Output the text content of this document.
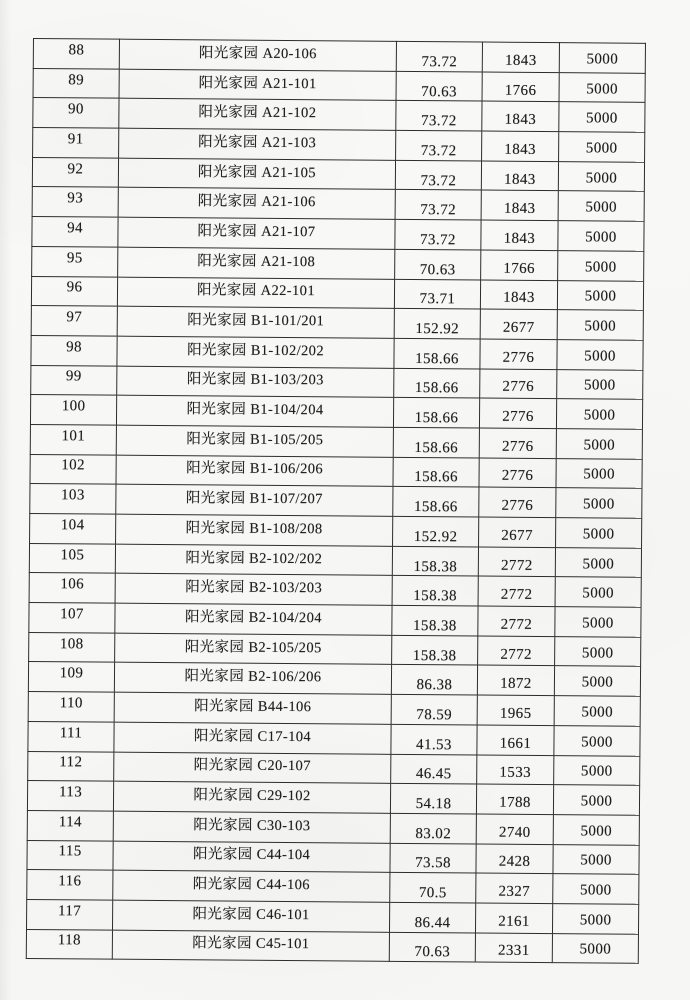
88	阳光家园 A20-106	73.72	1843	5000
89	阳光家园 A21-101	70.63	1766	5000
90	阳光家园 A21-102	73.72	1843	5000
91	阳光家园 A21-103	73.72	1843	5000
92	阳光家园 A21-105	73.72	1843	5000
93	阳光家园 A21-106	73.72	1843	5000
94	阳光家园 A21-107	73.72	1843	5000
95	阳光家园 A21-108	70.63	1766	5000
96	阳光家园 A22-101	73.71	1843	5000
97	阳光家园 B1-101/201	152.92	2677	5000
98	阳光家园 B1-102/202	158.66	2776	5000
99	阳光家园 B1-103/203	158.66	2776	5000
100	阳光家园 B1-104/204	158.66	2776	5000
101	阳光家园 B1-105/205	158.66	2776	5000
102	阳光家园 B1-106/206	158.66	2776	5000
103	阳光家园 B1-107/207	158.66	2776	5000
104	阳光家园 B1-108/208	152.92	2677	5000
105	阳光家园 B2-102/202	158.38	2772	5000
106	阳光家园 B2-103/203	158.38	2772	5000
107	阳光家园 B2-104/204	158.38	2772	5000
108	阳光家园 B2-105/205	158.38	2772	5000
109	阳光家园 B2-106/206	86.38	1872	5000
110	阳光家园 B44-106	78.59	1965	5000
111	阳光家园 C17-104	41.53	1661	5000
112	阳光家园 C20-107	46.45	1533	5000
113	阳光家园 C29-102	54.18	1788	5000
114	阳光家园 C30-103	83.02	2740	5000
115	阳光家园 C44-104	73.58	2428	5000
116	阳光家园 C44-106	70.5	2327	5000
117	阳光家园 C46-101	86.44	2161	5000
118	阳光家园 C45-101	70.63	2331	5000
